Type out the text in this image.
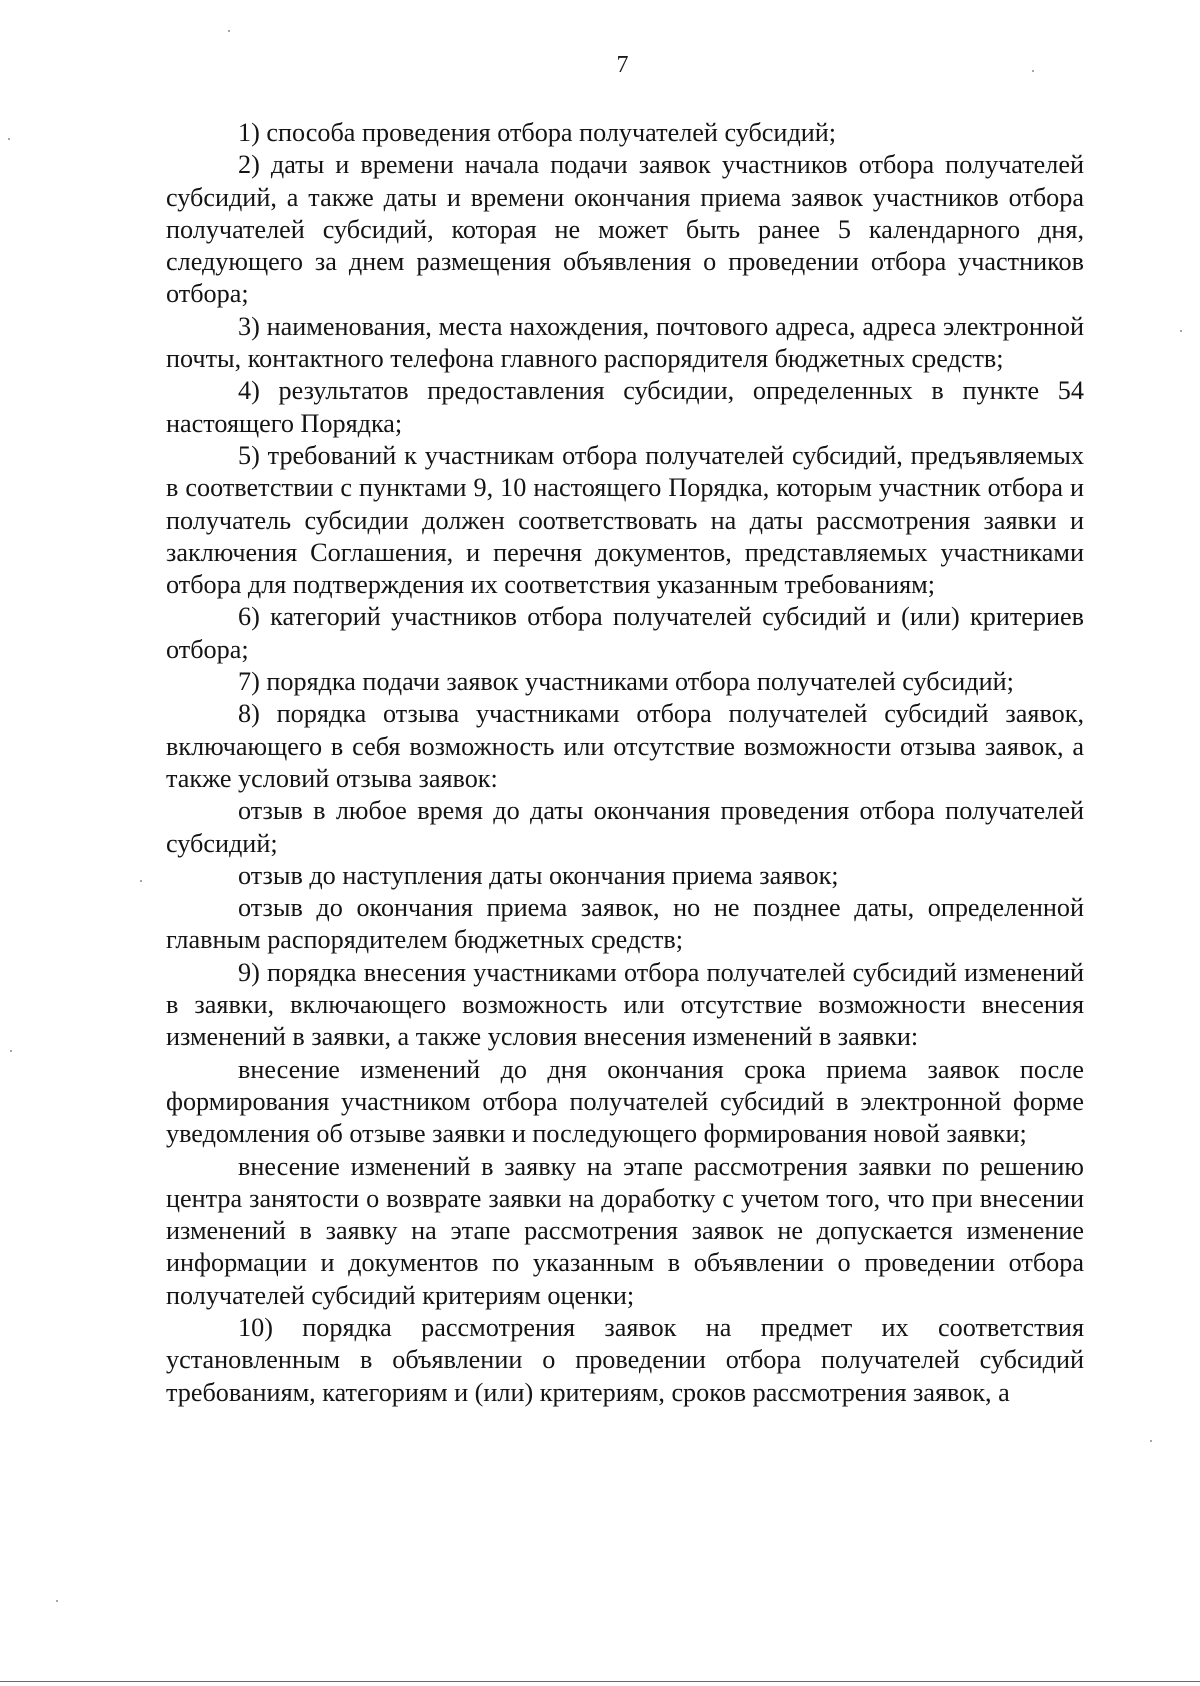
7

1) способа проведения отбора получателей субсидий;

2) даты и времени начала подачи заявок участников отбора получателей субсидий, а также даты и времени окончания приема заявок участников отбора получателей субсидий, которая не может быть ранее 5 календарного дня, следующего за днем размещения объявления о проведении отбора участников отбора;

3) наименования, места нахождения, почтового адреса, адреса электронной почты, контактного телефона главного распорядителя бюджетных средств;

4) результатов предоставления субсидии, определенных в пункте 54 настоящего Порядка;

5) требований к участникам отбора получателей субсидий, предъявляемых в соответствии с пунктами 9, 10 настоящего Порядка, которым участник отбора и получатель субсидии должен соответствовать на даты рассмотрения заявки и заключения Соглашения, и перечня документов, представляемых участниками отбора для подтверждения их соответствия указанным требованиям;

6) категорий участников отбора получателей субсидий и (или) критериев отбора;

7) порядка подачи заявок участниками отбора получателей субсидий;

8) порядка отзыва участниками отбора получателей субсидий заявок, включающего в себя возможность или отсутствие возможности отзыва заявок, а также условий отзыва заявок:

отзыв в любое время до даты окончания проведения отбора получателей субсидий;

отзыв до наступления даты окончания приема заявок;

отзыв до окончания приема заявок, но не позднее даты, определенной главным распорядителем бюджетных средств;

9) порядка внесения участниками отбора получателей субсидий изменений в заявки, включающего возможность или отсутствие возможности внесения изменений в заявки, а также условия внесения изменений в заявки:

внесение изменений до дня окончания срока приема заявок после формирования участником отбора получателей субсидий в электронной форме уведомления об отзыве заявки и последующего формирования новой заявки;

внесение изменений в заявку на этапе рассмотрения заявки по решению центра занятости о возврате заявки на доработку с учетом того, что при внесении изменений в заявку на этапе рассмотрения заявок не допускается изменение информации и документов по указанным в объявлении о проведении отбора получателей субсидий критериям оценки;

10) порядка рассмотрения заявок на предмет их соответствия установленным в объявлении о проведении отбора получателей субсидий требованиям, категориям и (или) критериям, сроков рассмотрения заявок, а
